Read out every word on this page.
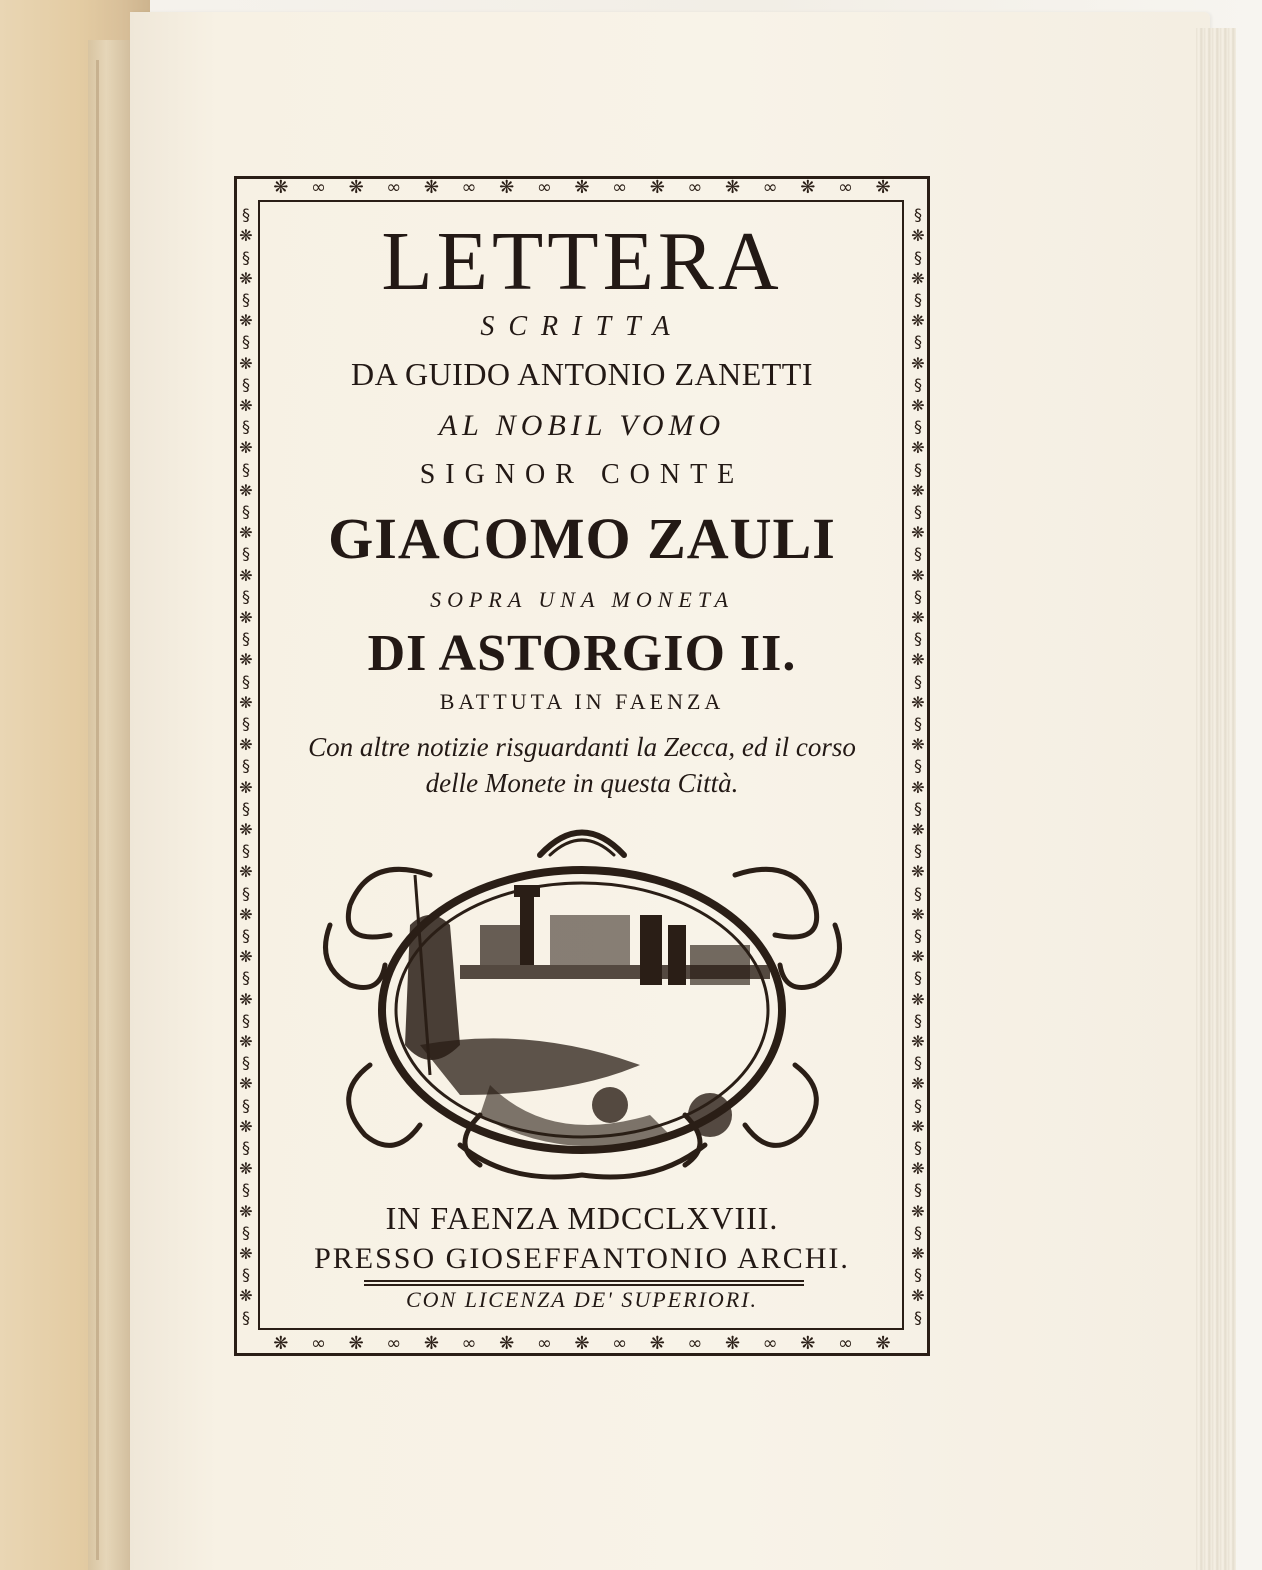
❋ ∞ ❋ ∞ ❋ ∞ ❋ ∞ ❋ ∞ ❋ ∞ ❋ ∞ ❋ ∞ ❋
❋ ∞ ❋ ∞ ❋ ∞ ❋ ∞ ❋ ∞ ❋ ∞ ❋ ∞ ❋ ∞ ❋
§
❋
§
❋
§
❋
§
❋
§
❋
§
❋
§
❋
§
❋
§
❋
§
❋
§
❋
§
❋
§
❋
§
❋
§
❋
§
❋
§
❋
§
❋
§
❋
§
❋
§
❋
§
❋
§
❋
§
❋
§
❋
§
❋
§
§
❋
§
❋
§
❋
§
❋
§
❋
§
❋
§
❋
§
❋
§
❋
§
❋
§
❋
§
❋
§
❋
§
❋
§
❋
§
❋
§
❋
§
❋
§
❋
§
❋
§
❋
§
❋
§
❋
§
❋
§
❋
§
❋
§
LETTERA
SCRITTA
DA GUIDO ANTONIO ZANETTI
AL NOBIL VOMO
SIGNOR CONTE
GIACOMO ZAULI
SOPRA UNA MONETA
DI ASTORGIO II.
BATTUTA IN FAENZA
Con altre notizie risguardanti la Zecca, ed il corso
delle Monete in questa Città.
IN FAENZA MDCCLXVIII.
PRESSO GIOSEFFANTONIO ARCHI.
CON LICENZA DE' SUPERIORI.
